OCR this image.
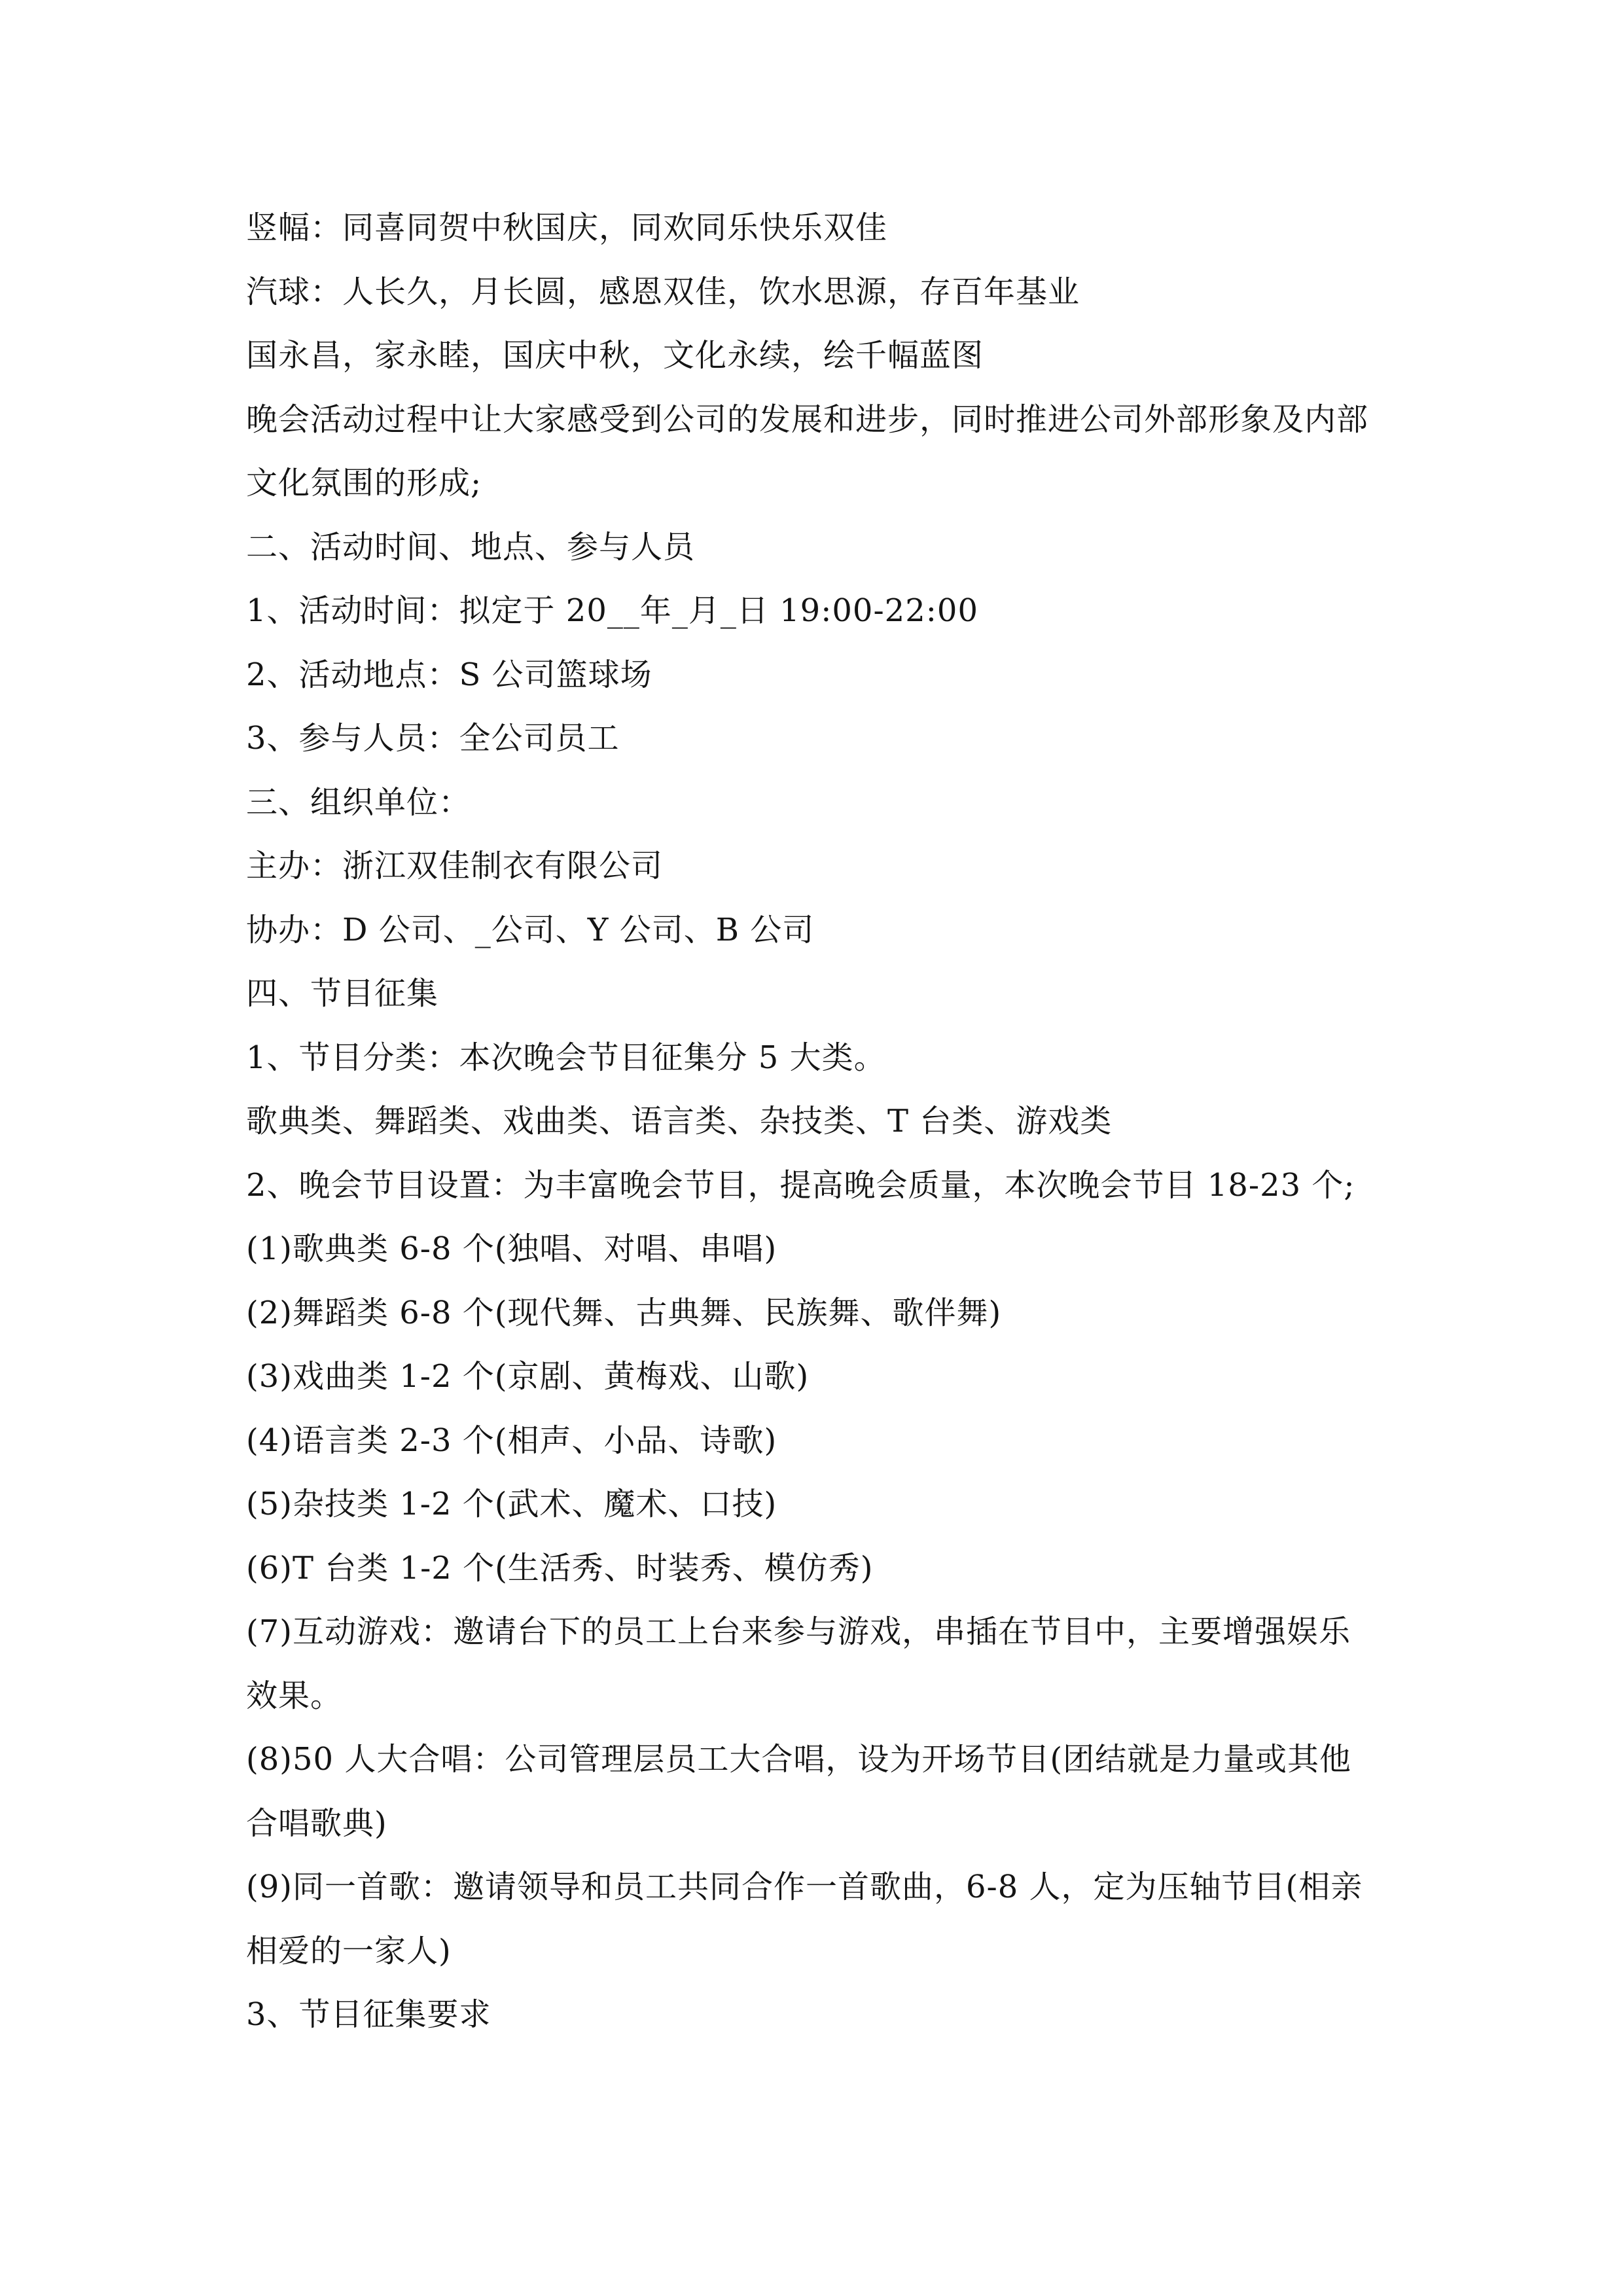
竖幅：同喜同贺中秋国庆，同欢同乐快乐双佳
汽球：人长久，月长圆，感恩双佳，饮水思源，存百年基业
国永昌，家永睦，国庆中秋，文化永续，绘千幅蓝图
晚会活动过程中让大家感受到公司的发展和进步，同时推进公司外部形象及内部
文化氛围的形成;
二、活动时间、地点、参与人员
1、活动时间：拟定于 20__年_月_日 19:00-22:00
2、活动地点：S 公司篮球场
3、参与人员：全公司员工
三、组织单位：
主办：浙江双佳制衣有限公司
协办：D 公司、_公司、Y 公司、B 公司
四、节目征集
1、节目分类：本次晚会节目征集分 5 大类。
歌典类、舞蹈类、戏曲类、语言类、杂技类、T 台类、游戏类
2、晚会节目设置：为丰富晚会节目，提高晚会质量，本次晚会节目 18-23 个;
(1)歌典类 6-8 个(独唱、对唱、串唱)
(2)舞蹈类 6-8 个(现代舞、古典舞、民族舞、歌伴舞)
(3)戏曲类 1-2 个(京剧、黄梅戏、山歌)
(4)语言类 2-3 个(相声、小品、诗歌)
(5)杂技类 1-2 个(武术、魔术、口技)
(6)T 台类 1-2 个(生活秀、时装秀、模仿秀)
(7)互动游戏：邀请台下的员工上台来参与游戏，串插在节目中，主要增强娱乐
效果。
(8)50 人大合唱：公司管理层员工大合唱，设为开场节目(团结就是力量或其他
合唱歌典)
(9)同一首歌：邀请领导和员工共同合作一首歌曲，6-8 人，定为压轴节目(相亲
相爱的一家人)
3、节目征集要求
